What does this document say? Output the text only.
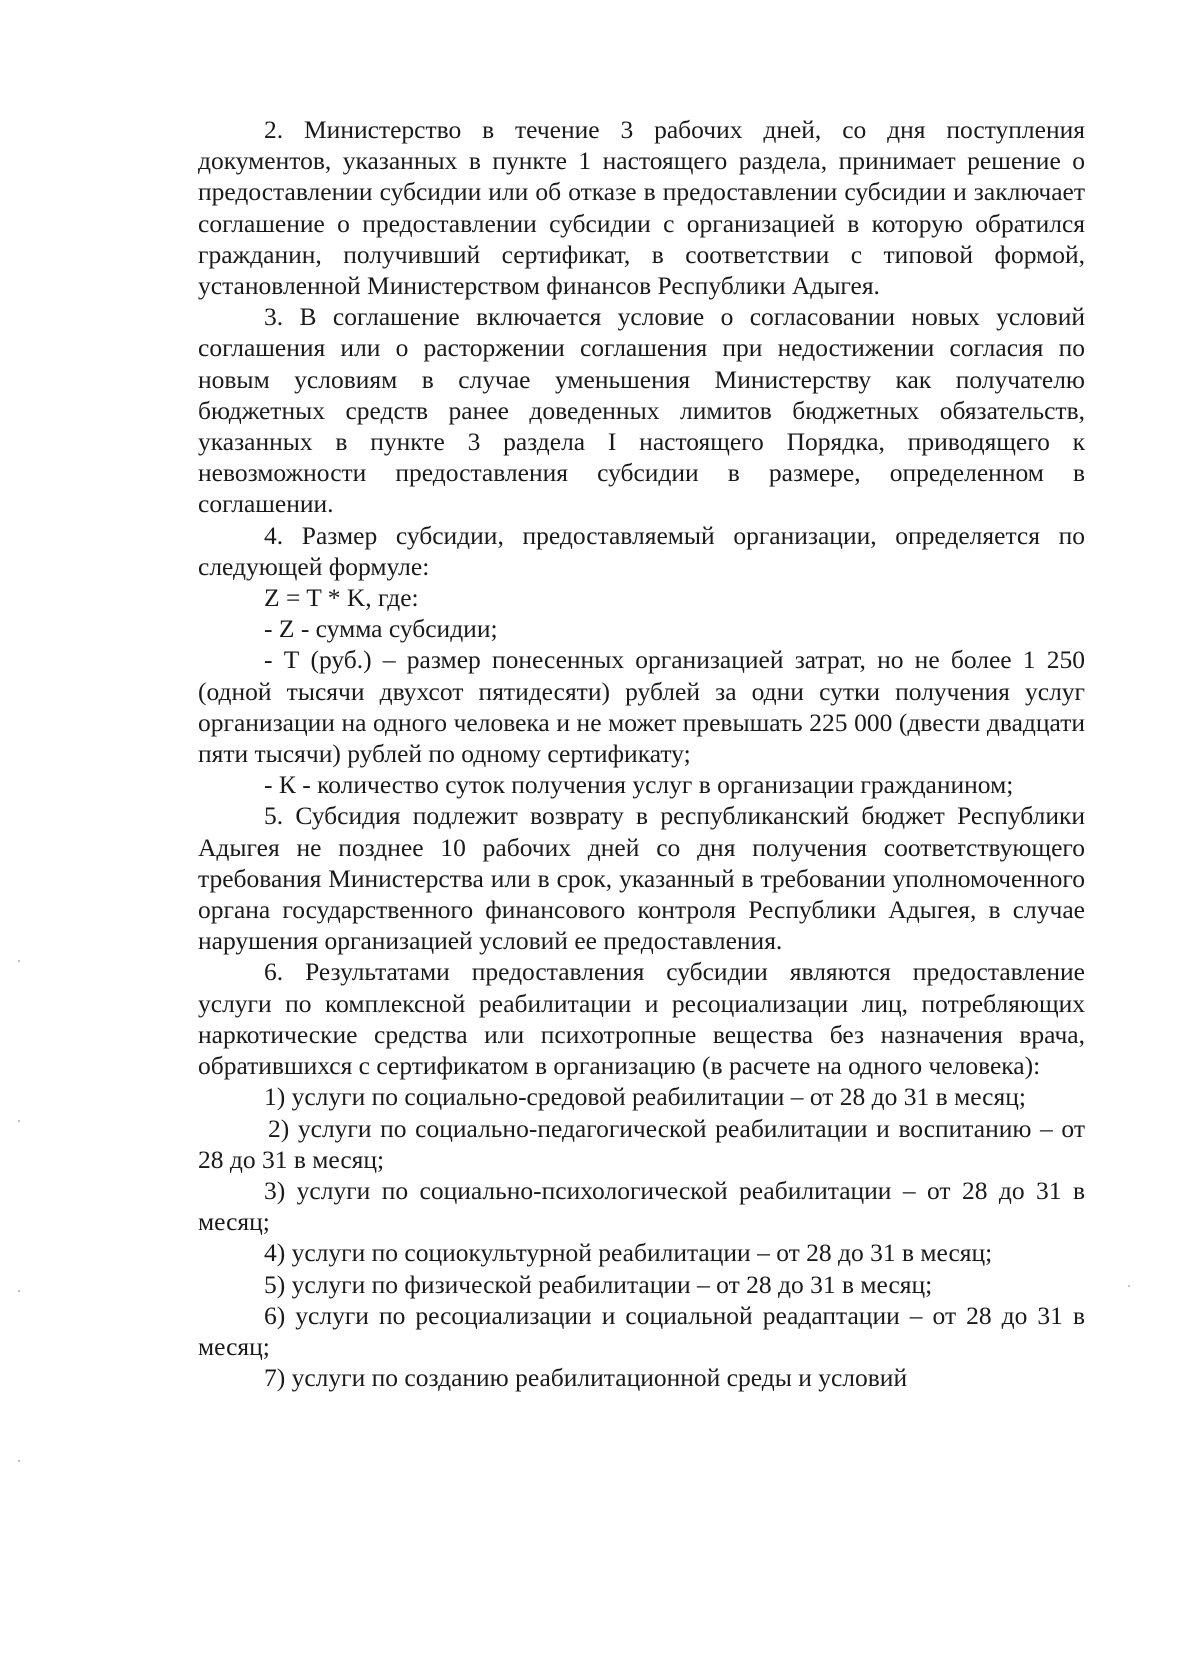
2. Министерство в течение 3 рабочих дней, со дня поступления документов, указанных в пункте 1 настоящего раздела, принимает решение о предоставлении субсидии или об отказе в предоставлении субсидии и заключает соглашение о предоставлении субсидии с организацией в которую обратился гражданин, получивший сертификат, в соответствии с типовой формой, установленной Министерством финансов Республики Адыгея.

3. В соглашение включается условие о согласовании новых условий соглашения или о расторжении соглашения при недостижении согласия по новым условиям в случае уменьшения Министерству как получателю бюджетных средств ранее доведенных лимитов бюджетных обязательств, указанных в пункте 3 раздела I настоящего Порядка, приводящего к невозможности предоставления субсидии в размере, определенном в соглашении.

4. Размер субсидии, предоставляемый организации, определяется по следующей формуле:

Z = T * K, где:

- Z - сумма субсидии;

- Т (руб.) – размер понесенных организацией затрат, но не более 1 250 (одной тысячи двухсот пятидесяти) рублей за одни сутки получения услуг организации на одного человека и не может превышать 225 000 (двести двадцати пяти тысячи) рублей по одному сертификату;

- К - количество суток получения услуг в организации гражданином;

5. Субсидия подлежит возврату в республиканский бюджет Республики Адыгея не позднее 10 рабочих дней со дня получения соответствующего требования Министерства или в срок, указанный в требовании уполномоченного органа государственного финансового контроля Республики Адыгея, в случае нарушения организацией условий ее предоставления.

6. Результатами предоставления субсидии являются предоставление услуги по комплексной реабилитации и ресоциализации лиц, потребляющих наркотические средства или психотропные вещества без назначения врача, обратившихся с сертификатом в организацию (в расчете на одного человека):

1) услуги по социально-средовой реабилитации – от 28 до 31 в месяц;

2) услуги по социально-педагогической реабилитации и воспитанию – от 28 до 31 в месяц;

3) услуги по социально-психологической реабилитации – от 28 до 31 в месяц;

4) услуги по социокультурной реабилитации – от 28 до 31 в месяц;

5) услуги по физической реабилитации – от 28 до 31 в месяц;

6) услуги по ресоциализации и социальной реадаптации – от 28 до 31 в месяц;

7) услуги по созданию реабилитационной среды и условий
